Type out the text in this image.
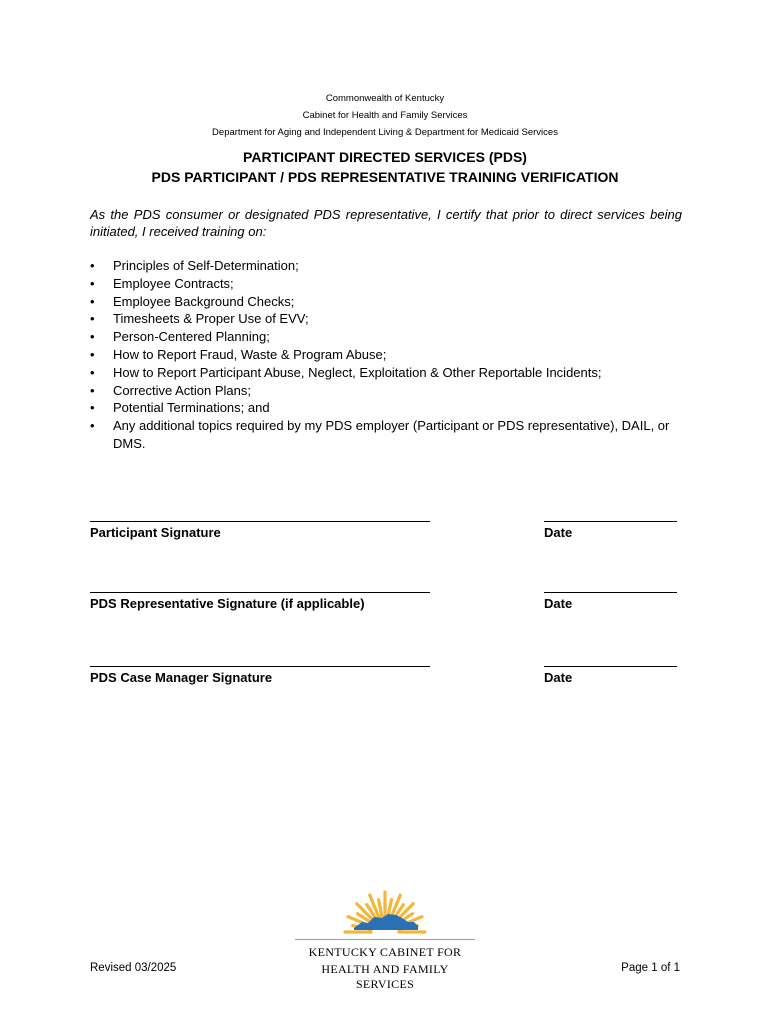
Commonwealth of Kentucky
Cabinet for Health and Family Services
Department for Aging and Independent Living & Department for Medicaid Services
PARTICIPANT DIRECTED SERVICES (PDS)
PDS PARTICIPANT / PDS REPRESENTATIVE TRAINING VERIFICATION
As the PDS consumer or designated PDS representative, I certify that prior to direct services being initiated, I received training on:
• Principles of Self-Determination;
• Employee Contracts;
• Employee Background Checks;
• Timesheets & Proper Use of EVV;
• Person-Centered Planning;
• How to Report Fraud, Waste & Program Abuse;
• How to Report Participant Abuse, Neglect, Exploitation & Other Reportable Incidents;
• Corrective Action Plans;
• Potential Terminations; and
• Any additional topics required by my PDS employer (Participant or PDS representative), DAIL, or DMS.
Participant Signature	Date
PDS Representative Signature (if applicable)	Date
PDS Case Manager Signature	Date
KENTUCKY CABINET FOR
HEALTH AND FAMILY SERVICES
Revised 03/2025	Page 1 of 1
